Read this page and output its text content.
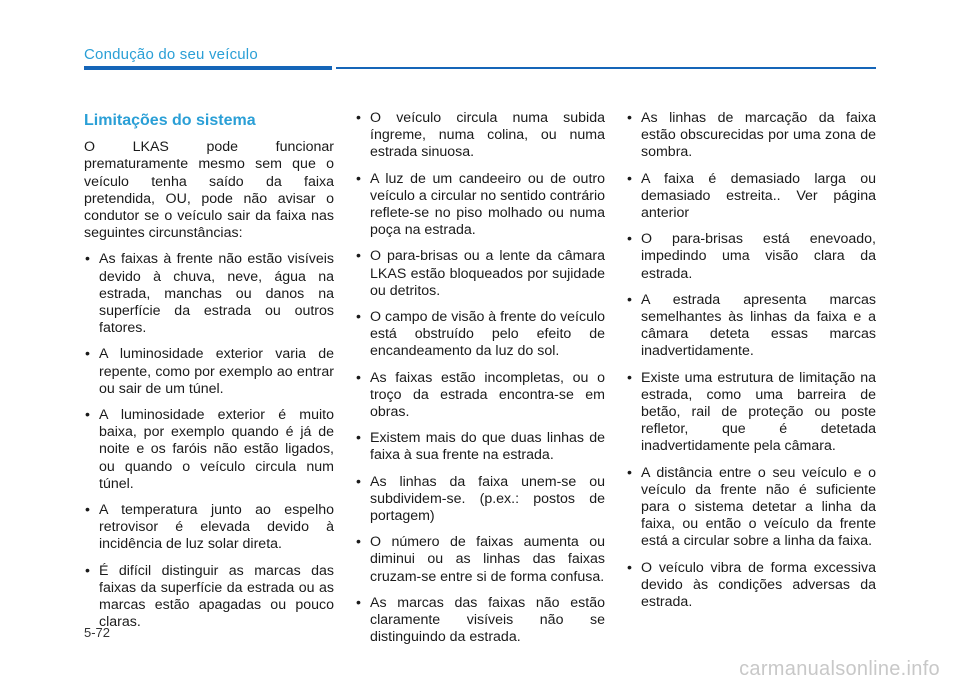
Condução do seu veículo
Limitações do sistema

O LKAS pode funcionar prematuramente mesmo sem que o veículo tenha saído da faixa pretendida, OU, pode não avisar o condutor se o veículo sair da faixa nas seguintes circunstâncias:

• As faixas à frente não estão visíveis devido à chuva, neve, água na estrada, manchas ou danos na superfície da estrada ou outros fatores.
• A luminosidade exterior varia de repente, como por exemplo ao entrar ou sair de um túnel.
• A luminosidade exterior é muito baixa, por exemplo quando é já de noite e os faróis não estão ligados, ou quando o veículo circula num túnel.
• A temperatura junto ao espelho retrovisor é elevada devido à incidência de luz solar direta.
• É difícil distinguir as marcas das faixas da superfície da estrada ou as marcas estão apagadas ou pouco claras.
• O veículo circula numa subida íngreme, numa colina, ou numa estrada sinuosa.
• A luz de um candeeiro ou de outro veículo a circular no sentido contrário reflete-se no piso molhado ou numa poça na estrada.
• O para-brisas ou a lente da câmara LKAS estão bloqueados por sujidade ou detritos.
• O campo de visão à frente do veículo está obstruído pelo efeito de encandeamento da luz do sol.
• As faixas estão incompletas, ou o troço da estrada encontra-se em obras.
• Existem mais do que duas linhas de faixa à sua frente na estrada.
• As linhas da faixa unem-se ou subdividem-se. (p.ex.: postos de portagem)
• O número de faixas aumenta ou diminui ou as linhas das faixas cruzam-se entre si de forma confusa.
• As marcas das faixas não estão claramente visíveis não se distinguindo da estrada.
• As linhas de marcação da faixa estão obscurecidas por uma zona de sombra.
• A faixa é demasiado larga ou demasiado estreita.. Ver página anterior
• O para-brisas está enevoado, impedindo uma visão clara da estrada.
• A estrada apresenta marcas semelhantes às linhas da faixa e a câmara deteta essas marcas inadvertidamente.
• Existe uma estrutura de limitação na estrada, como uma barreira de betão, rail de proteção ou poste refletor, que é detetada inadvertidamente pela câmara.
• A distância entre o seu veículo e o veículo da frente não é suficiente para o sistema detetar a linha da faixa, ou então o veículo da frente está a circular sobre a linha da faixa.
• O veículo vibra de forma excessiva devido às condições adversas da estrada.
5-72
carmanualsonline.info
